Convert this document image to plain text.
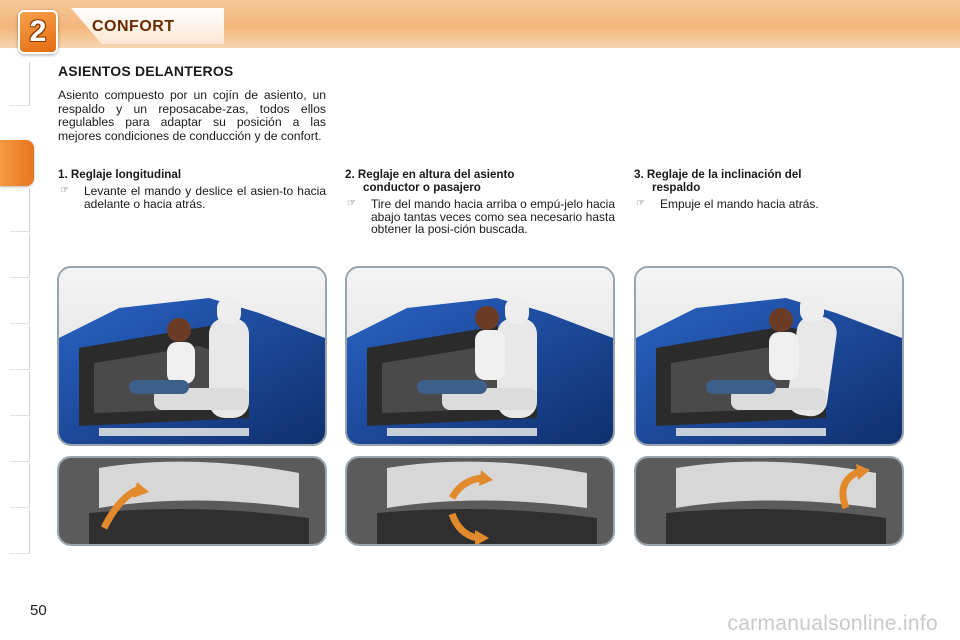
2	CONFORT
ASIENTOS DELANTEROS

Asiento compuesto por un cojín de asiento, un respaldo y un reposacabe-zas, todos ellos regulables para adaptar su posición a las mejores condiciones de conducción y de confort.

1. Reglaje longitudinal

☞	Levante el mando y deslice el asien-to hacia adelante o hacia atrás.

2. Reglaje en altura del asiento
conductor o pasajero

☞	Tire del mando hacia arriba o empú-jelo hacia abajo tantas veces como sea necesario hasta obtener la posi-ción buscada.

3. Reglaje de la inclinación del
respaldo

☞	Empuje el mando hacia atrás.
50
carmanualsonline.info
